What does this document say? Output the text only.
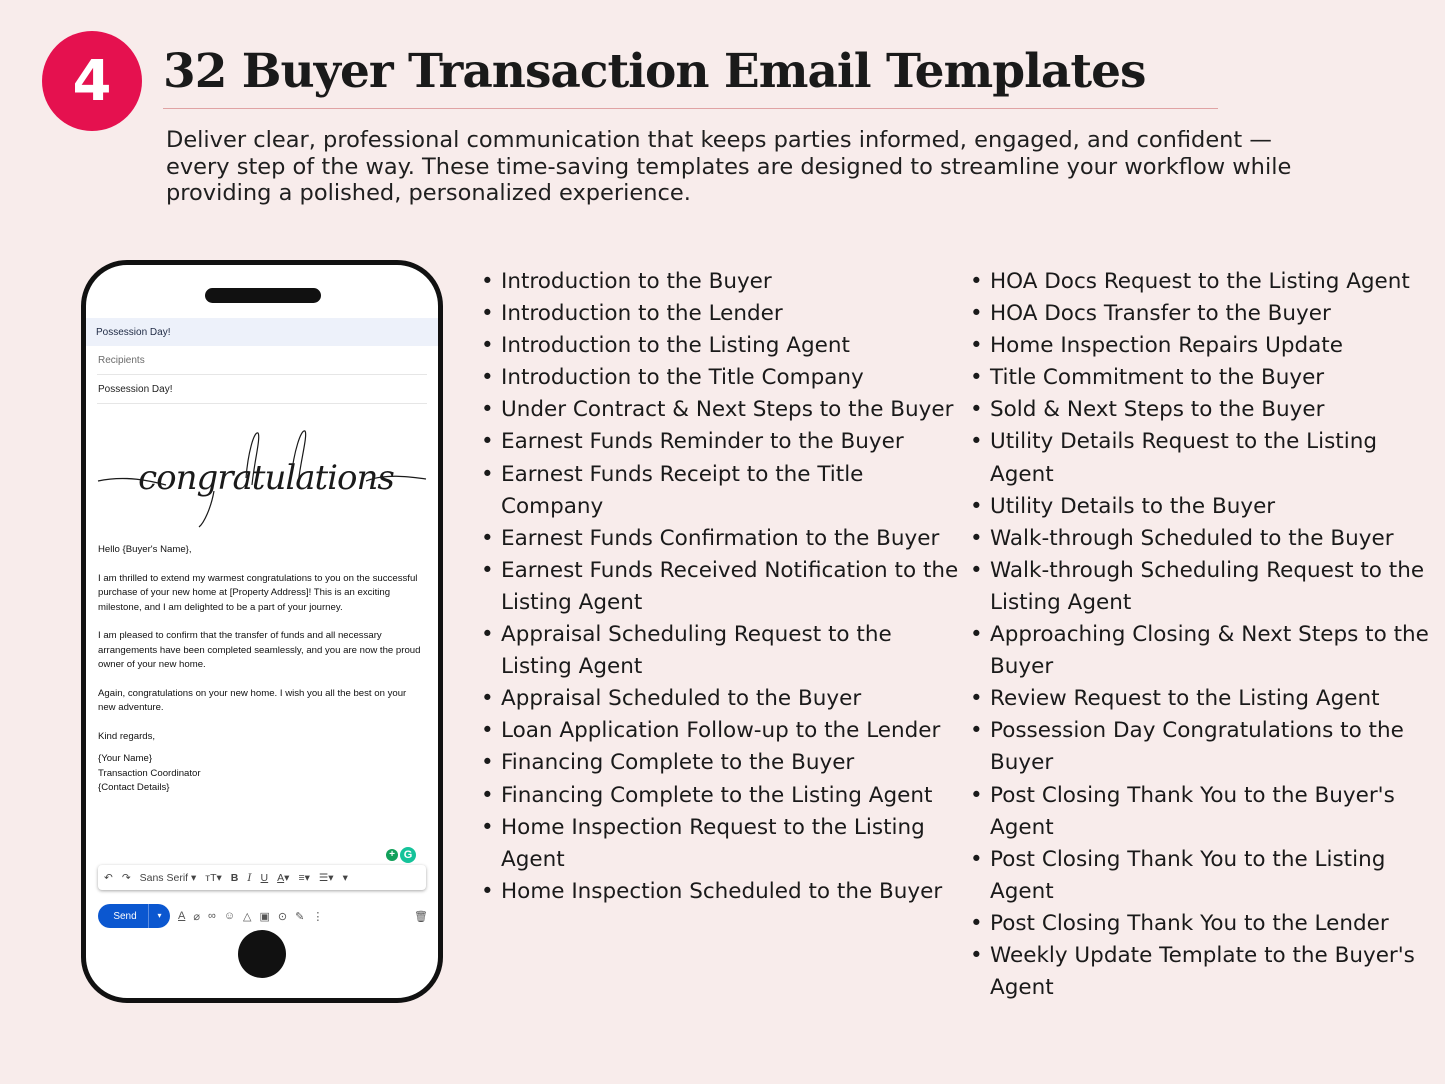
4	32 Buyer Transaction Email Templates

Deliver clear, professional communication that keeps parties informed, engaged, and confident —every step of the way. These time-saving templates are designed to streamline your workflow while providing a polished, personalized experience.

Possession Day!
Recipients
Possession Day!
congratulations

Hello {Buyer's Name},

I am thrilled to extend my warmest congratulations to you on the successful purchase of your new home at [Property Address]! This is an exciting milestone, and I am delighted to be a part of your journey.

I am pleased to confirm that the transfer of funds and all necessary arrangements have been completed seamlessly, and you are now the proud owner of your new home.

Again, congratulations on your new home. I wish you all the best on your new adventure.

Kind regards,

{Your Name}
Transaction Coordinator
{Contact Details}
+ G
↶ ↷ Sans Serif ▾ тT▾ B I U A▾ ≡▾ ☰▾ ▾
Send	▾	A ⌀ ∞ ☺ △ ▣ ⊙ ✎ ⋮	🗑
• Introduction to the Buyer
• Introduction to the Lender
• Introduction to the Listing Agent
• Introduction to the Title Company
• Under Contract & Next Steps to the Buyer
• Earnest Funds Reminder to the Buyer
• Earnest Funds Receipt to the Title Company
• Earnest Funds Confirmation to the Buyer
• Earnest Funds Received Notification to the Listing Agent
• Appraisal Scheduling Request to the Listing Agent
• Appraisal Scheduled to the Buyer
• Loan Application Follow-up to the Lender
• Financing Complete to the Buyer
• Financing Complete to the Listing Agent
• Home Inspection Request to the Listing Agent
• Home Inspection Scheduled to the Buyer
• HOA Docs Request to the Listing Agent
• HOA Docs Transfer to the Buyer
• Home Inspection Repairs Update
• Title Commitment to the Buyer
• Sold & Next Steps to the Buyer
• Utility Details Request to the Listing Agent
• Utility Details to the Buyer
• Walk-through Scheduled to the Buyer
• Walk-through Scheduling Request to the Listing Agent
• Approaching Closing & Next Steps to the Buyer
• Review Request to the Listing Agent
• Possession Day Congratulations to the Buyer
• Post Closing Thank You to the Buyer's Agent
• Post Closing Thank You to the Listing Agent
• Post Closing Thank You to the Lender
• Weekly Update Template to the Buyer's Agent
